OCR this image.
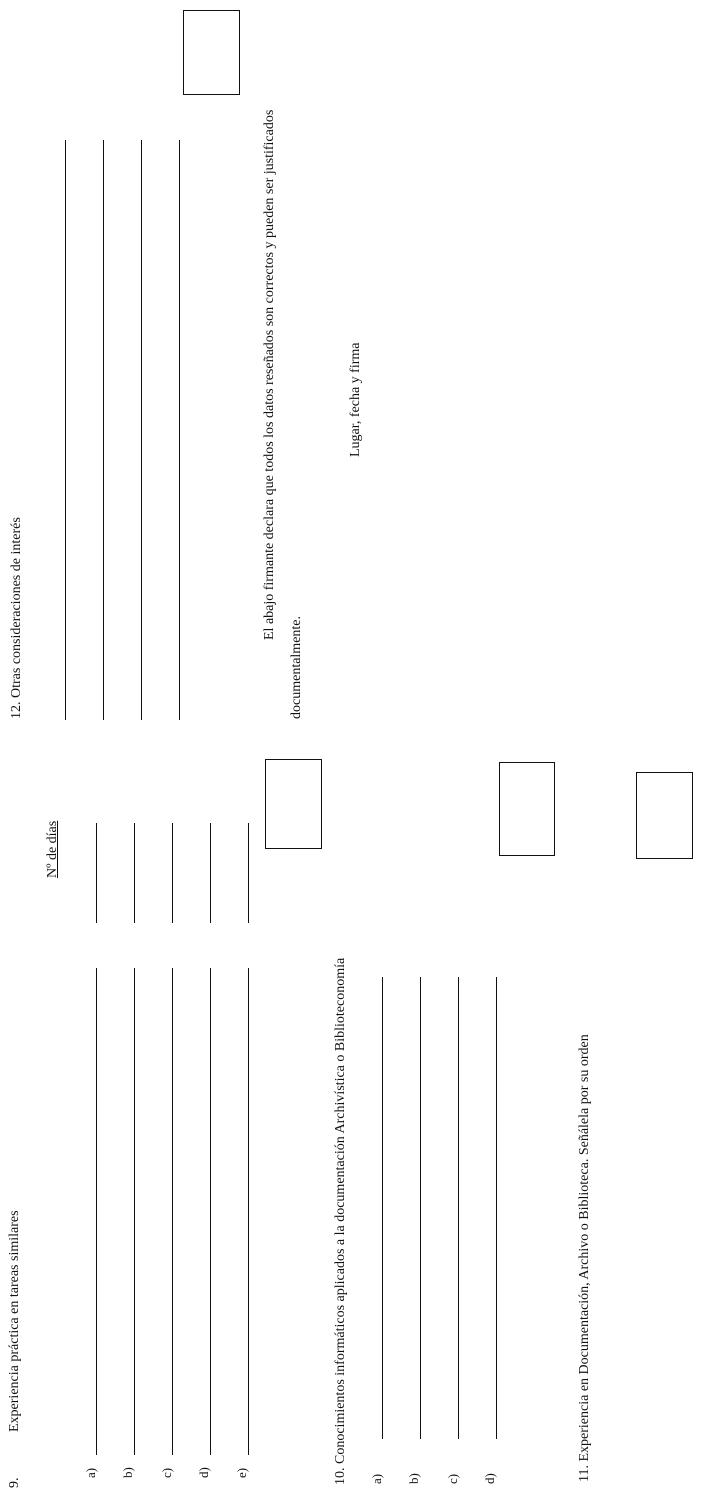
9.
Experiencia práctica en tareas similares
a) b) c) d) e)
Nº de días
10. Conocimientos informáticos aplicados a la documentación Archivística o Biblioteconomía a) b) c) d)	11. Experiencia en Documentación, Archivo o Biblioteca. Señálela por su orden
12. Otras consideraciones de interés	El abajo firmante declara que todos los datos reseñados son correctos y pueden ser justificados
documentalmente.
Lugar, fecha y firma
